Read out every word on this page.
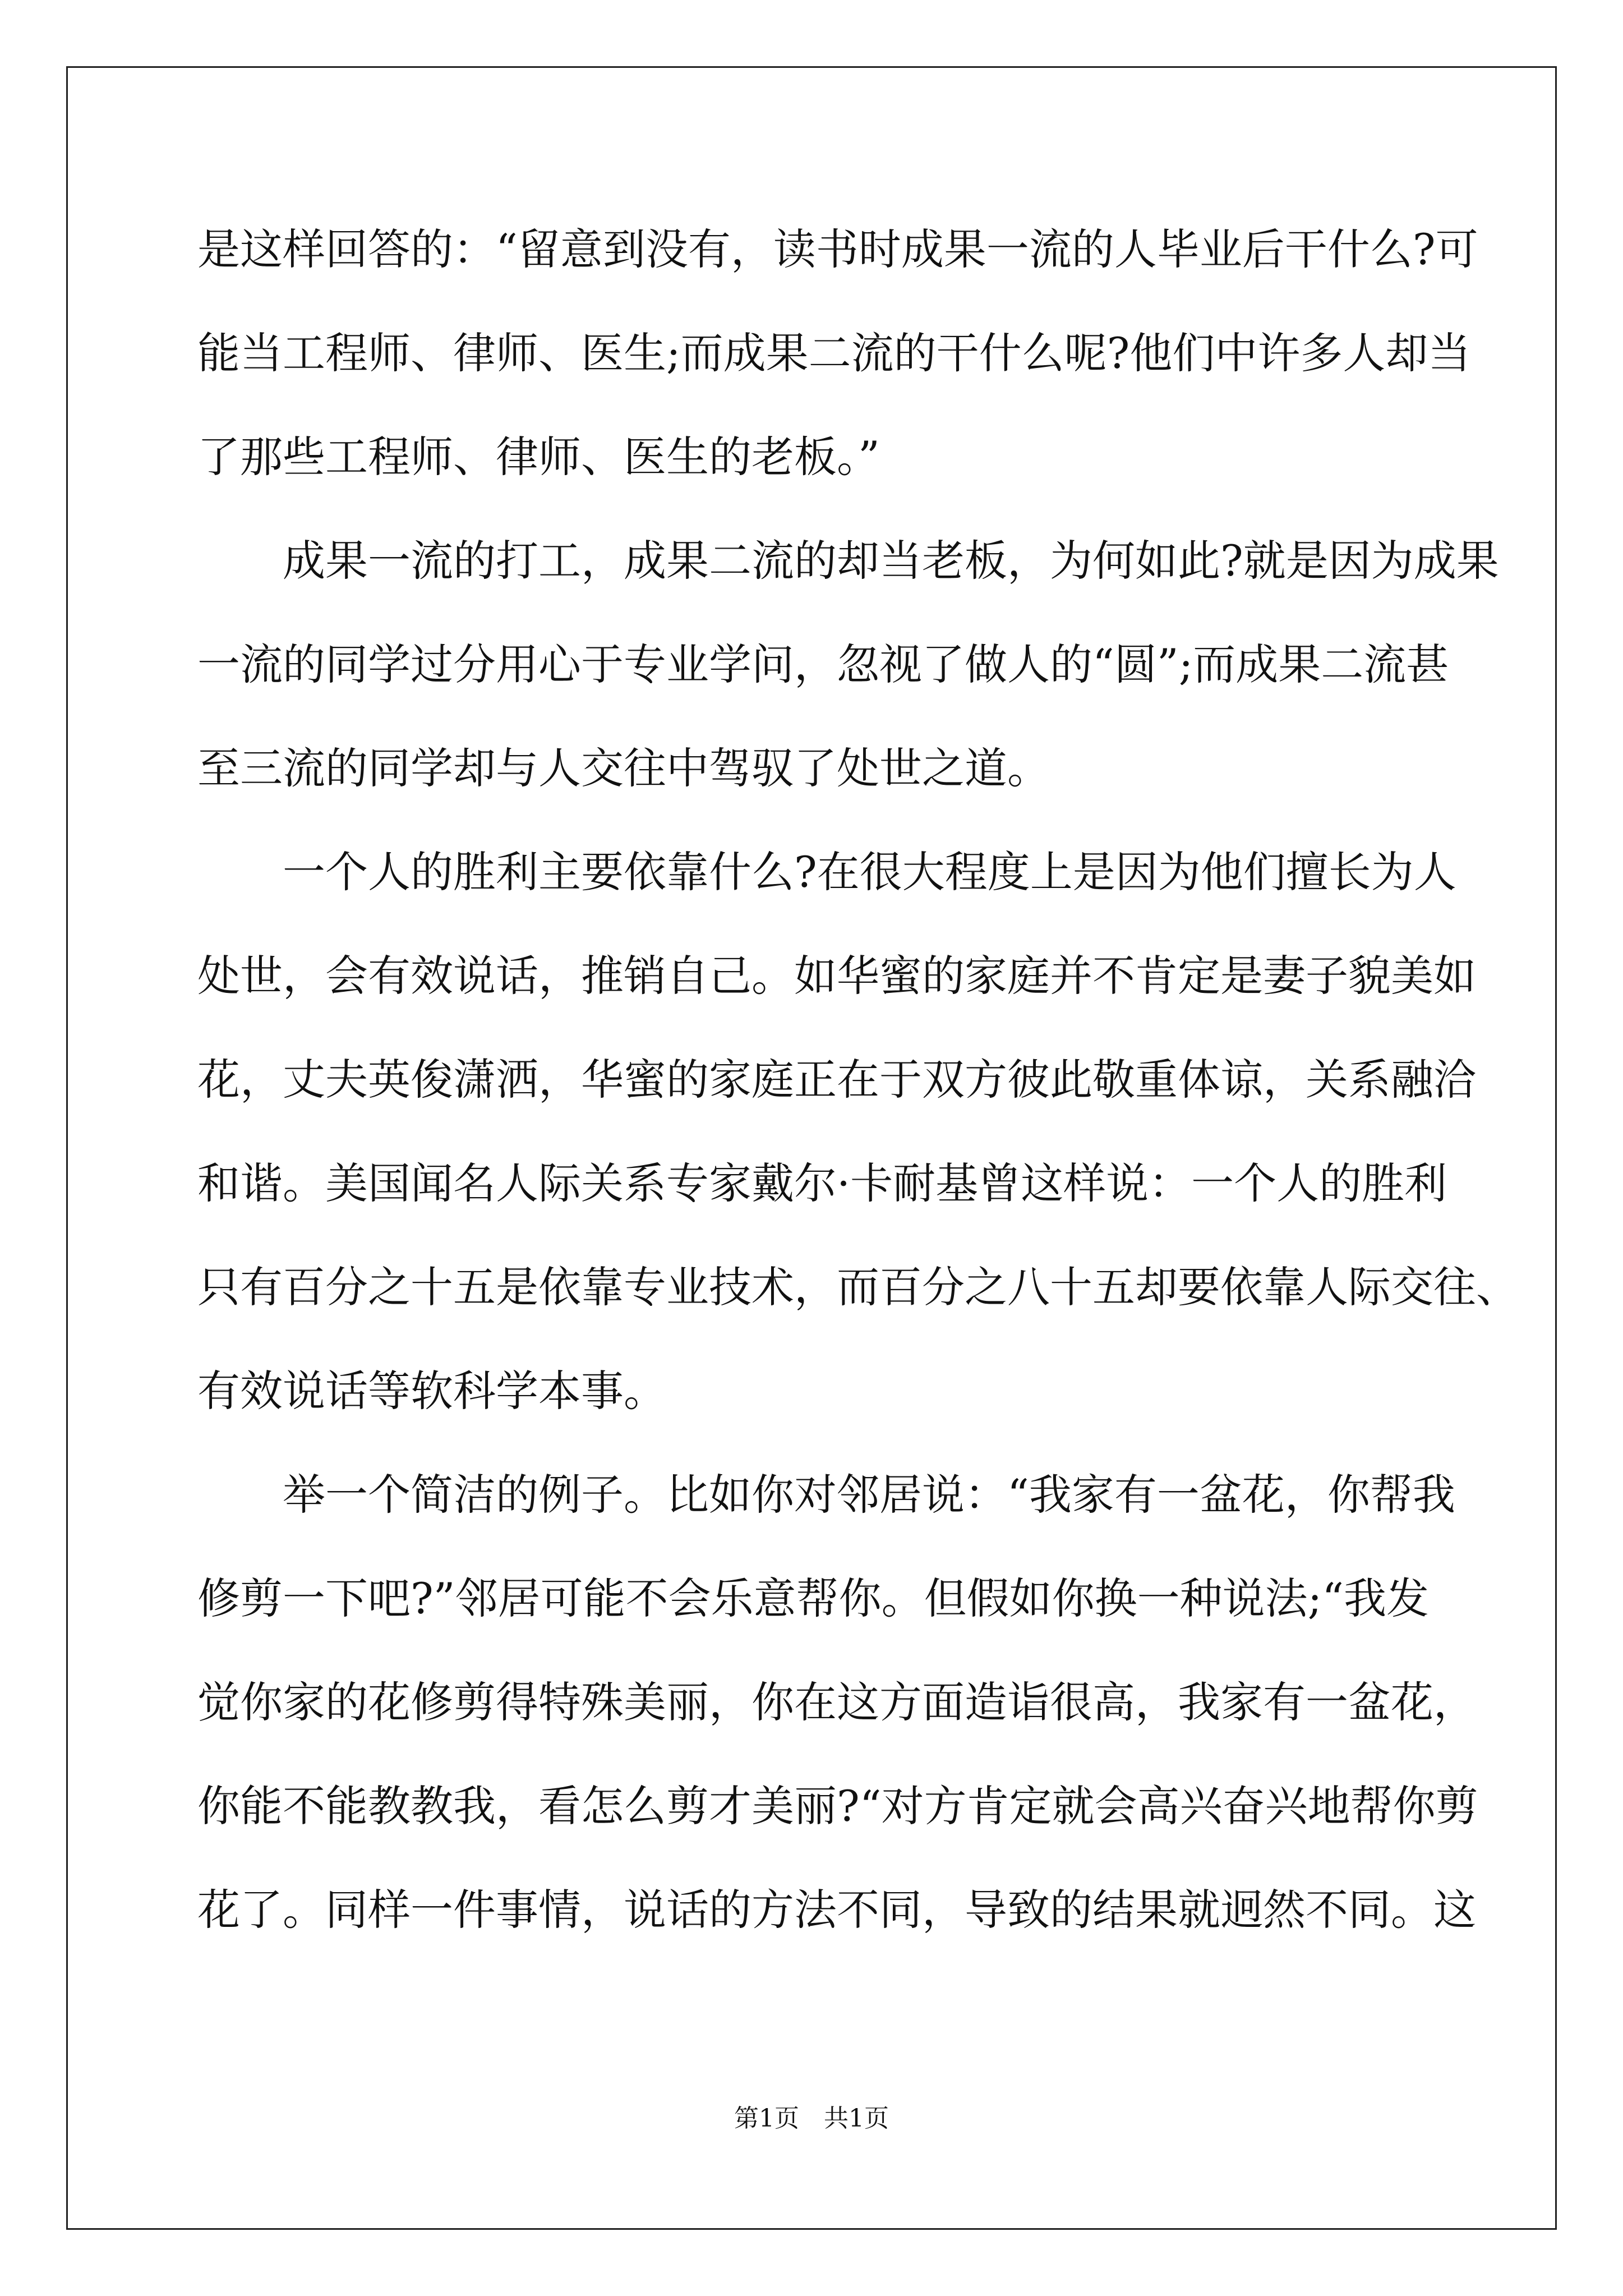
是这样回答的：“留意到没有，读书时成果一流的人毕业后干什么?可
能当工程师、律师、医生;而成果二流的干什么呢?他们中许多人却当
了那些工程师、律师、医生的老板。”
成果一流的打工，成果二流的却当老板，为何如此?就是因为成果
一流的同学过分用心于专业学问，忽视了做人的“圆”;而成果二流甚
至三流的同学却与人交往中驾驭了处世之道。
一个人的胜利主要依靠什么?在很大程度上是因为他们擅长为人
处世，会有效说话，推销自己。如华蜜的家庭并不肯定是妻子貌美如
花，丈夫英俊潇洒，华蜜的家庭正在于双方彼此敬重体谅，关系融洽
和谐。美国闻名人际关系专家戴尔·卡耐基曾这样说：一个人的胜利
只有百分之十五是依靠专业技术，而百分之八十五却要依靠人际交往、
有效说话等软科学本事。
举一个简洁的例子。比如你对邻居说：“我家有一盆花，你帮我
修剪一下吧?”邻居可能不会乐意帮你。但假如你换一种说法;“我发
觉你家的花修剪得特殊美丽，你在这方面造诣很高，我家有一盆花，
你能不能教教我，看怎么剪才美丽?“对方肯定就会高兴奋兴地帮你剪
花了。同样一件事情，说话的方法不同，导致的结果就迥然不同。这
第1页　共1页
